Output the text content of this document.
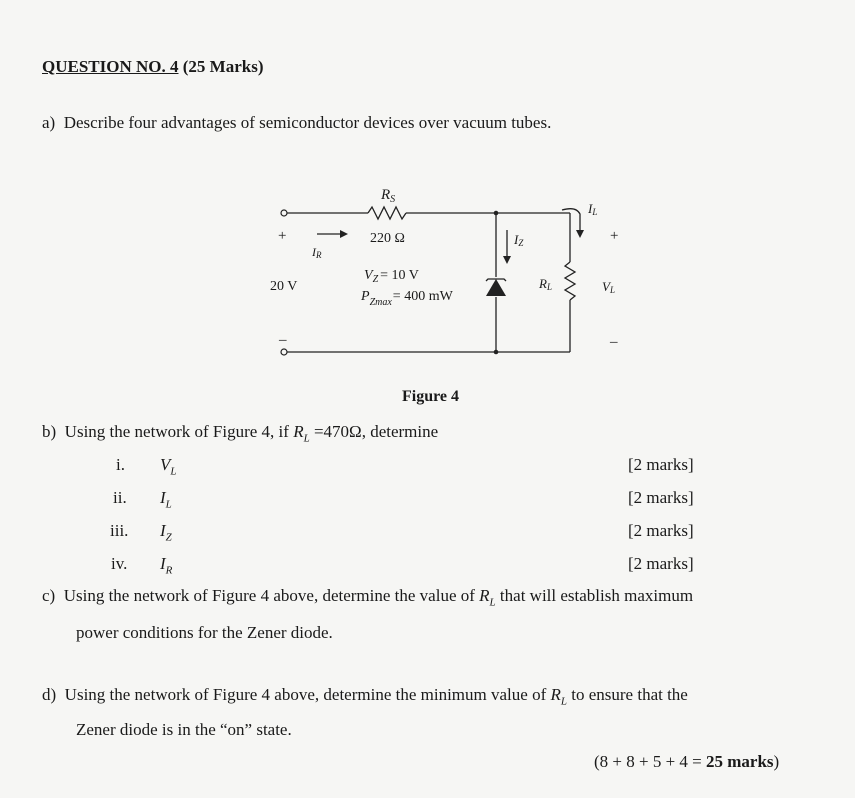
QUESTION NO. 4 (25 Marks)
a) Describe four advantages of semiconductor devices over vacuum tubes.
$R_S$
220 Ω
IR
+
20 V
–
$V_Z = 10$ V
$P_{Zmax}= 400$ mW
IZ
RL
IL
+
VL
–
Figure 4
b) Using the network of Figure 4, if $R_L =470\Omega$, determine
i. $V_L$	[2 marks]
ii. $I_L$	[2 marks]
iii. $I_Z$	[2 marks]
iv. $I_R$	[2 marks]
c) Using the network of Figure 4 above, determine the value of $R_L$ that will establish maximum
power conditions for the Zener diode.
d) Using the network of Figure 4 above, determine the minimum value of $R_L$ to ensure that the
Zener diode is in the “on” state.
(8 + 8 + 5 + 4 = 25 marks)
